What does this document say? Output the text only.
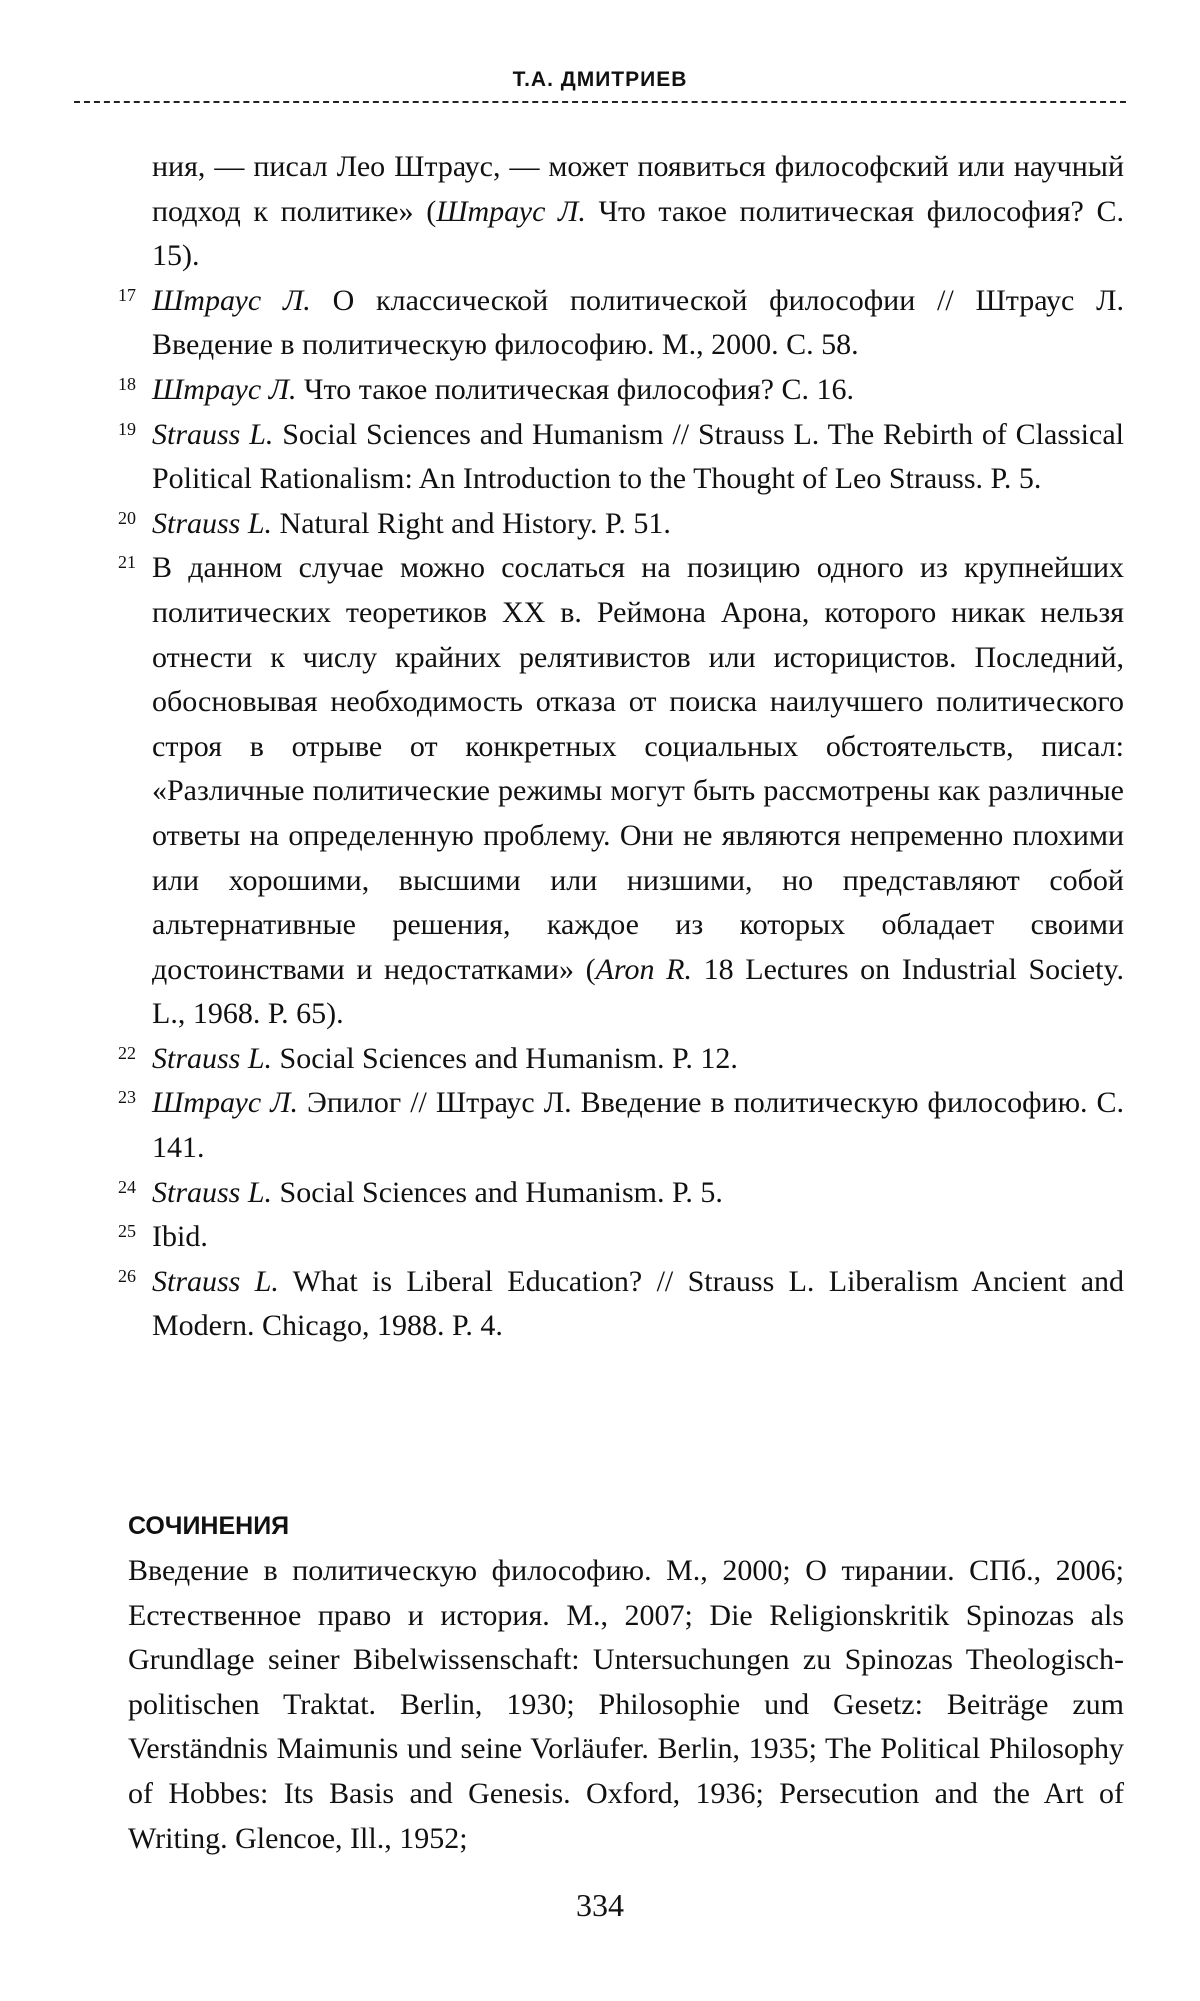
Т.А. ДМИТРИЕВ
ния, — писал Лео Штраус, — может появиться философский или научный подход к политике» (Штраус Л. Что такое политическая философия? С. 15).
17 Штраус Л. О классической политической философии // Штраус Л. Введение в политическую философию. М., 2000. С. 58.
18 Штраус Л. Что такое политическая философия? С. 16.
19 Strauss L. Social Sciences and Humanism // Strauss L. The Rebirth of Classical Political Rationalism: An Introduction to the Thought of Leo Strauss. P. 5.
20 Strauss L. Natural Right and History. P. 51.
21 В данном случае можно сослаться на позицию одного из крупнейших политических теоретиков XX в. Реймона Арона, которого никак нельзя отнести к числу крайних релятивистов или историцистов. Последний, обосновывая необходимость отказа от поиска наилучшего политического строя в отрыве от конкретных социальных обстоятельств, писал: «Различные политические режимы могут быть рассмотрены как различные ответы на определенную проблему. Они не являются непременно плохими или хорошими, высшими или низшими, но представляют собой альтернативные решения, каждое из которых обладает своими достоинствами и недостатками» (Aron R. 18 Lectures on Industrial Society. L., 1968. P. 65).
22 Strauss L. Social Sciences and Humanism. P. 12.
23 Штраус Л. Эпилог // Штраус Л. Введение в политическую философию. С. 141.
24 Strauss L. Social Sciences and Humanism. P. 5.
25 Ibid.
26 Strauss L. What is Liberal Education? // Strauss L. Liberalism Ancient and Modern. Chicago, 1988. P. 4.
СОЧИНЕНИЯ
Введение в политическую философию. М., 2000; О тирании. СПб., 2006; Естественное право и история. М., 2007; Die Religionskritik Spinozas als Grundlage seiner Bibelwissenschaft: Untersuchungen zu Spinozas Theologisch-politischen Traktat. Berlin, 1930; Philosophie und Gesetz: Beiträge zum Verständnis Maimunis und seine Vorläufer. Berlin, 1935; The Political Philosophy of Hobbes: Its Basis and Genesis. Oxford, 1936; Persecution and the Art of Writing. Glencoe, Ill., 1952;
334
